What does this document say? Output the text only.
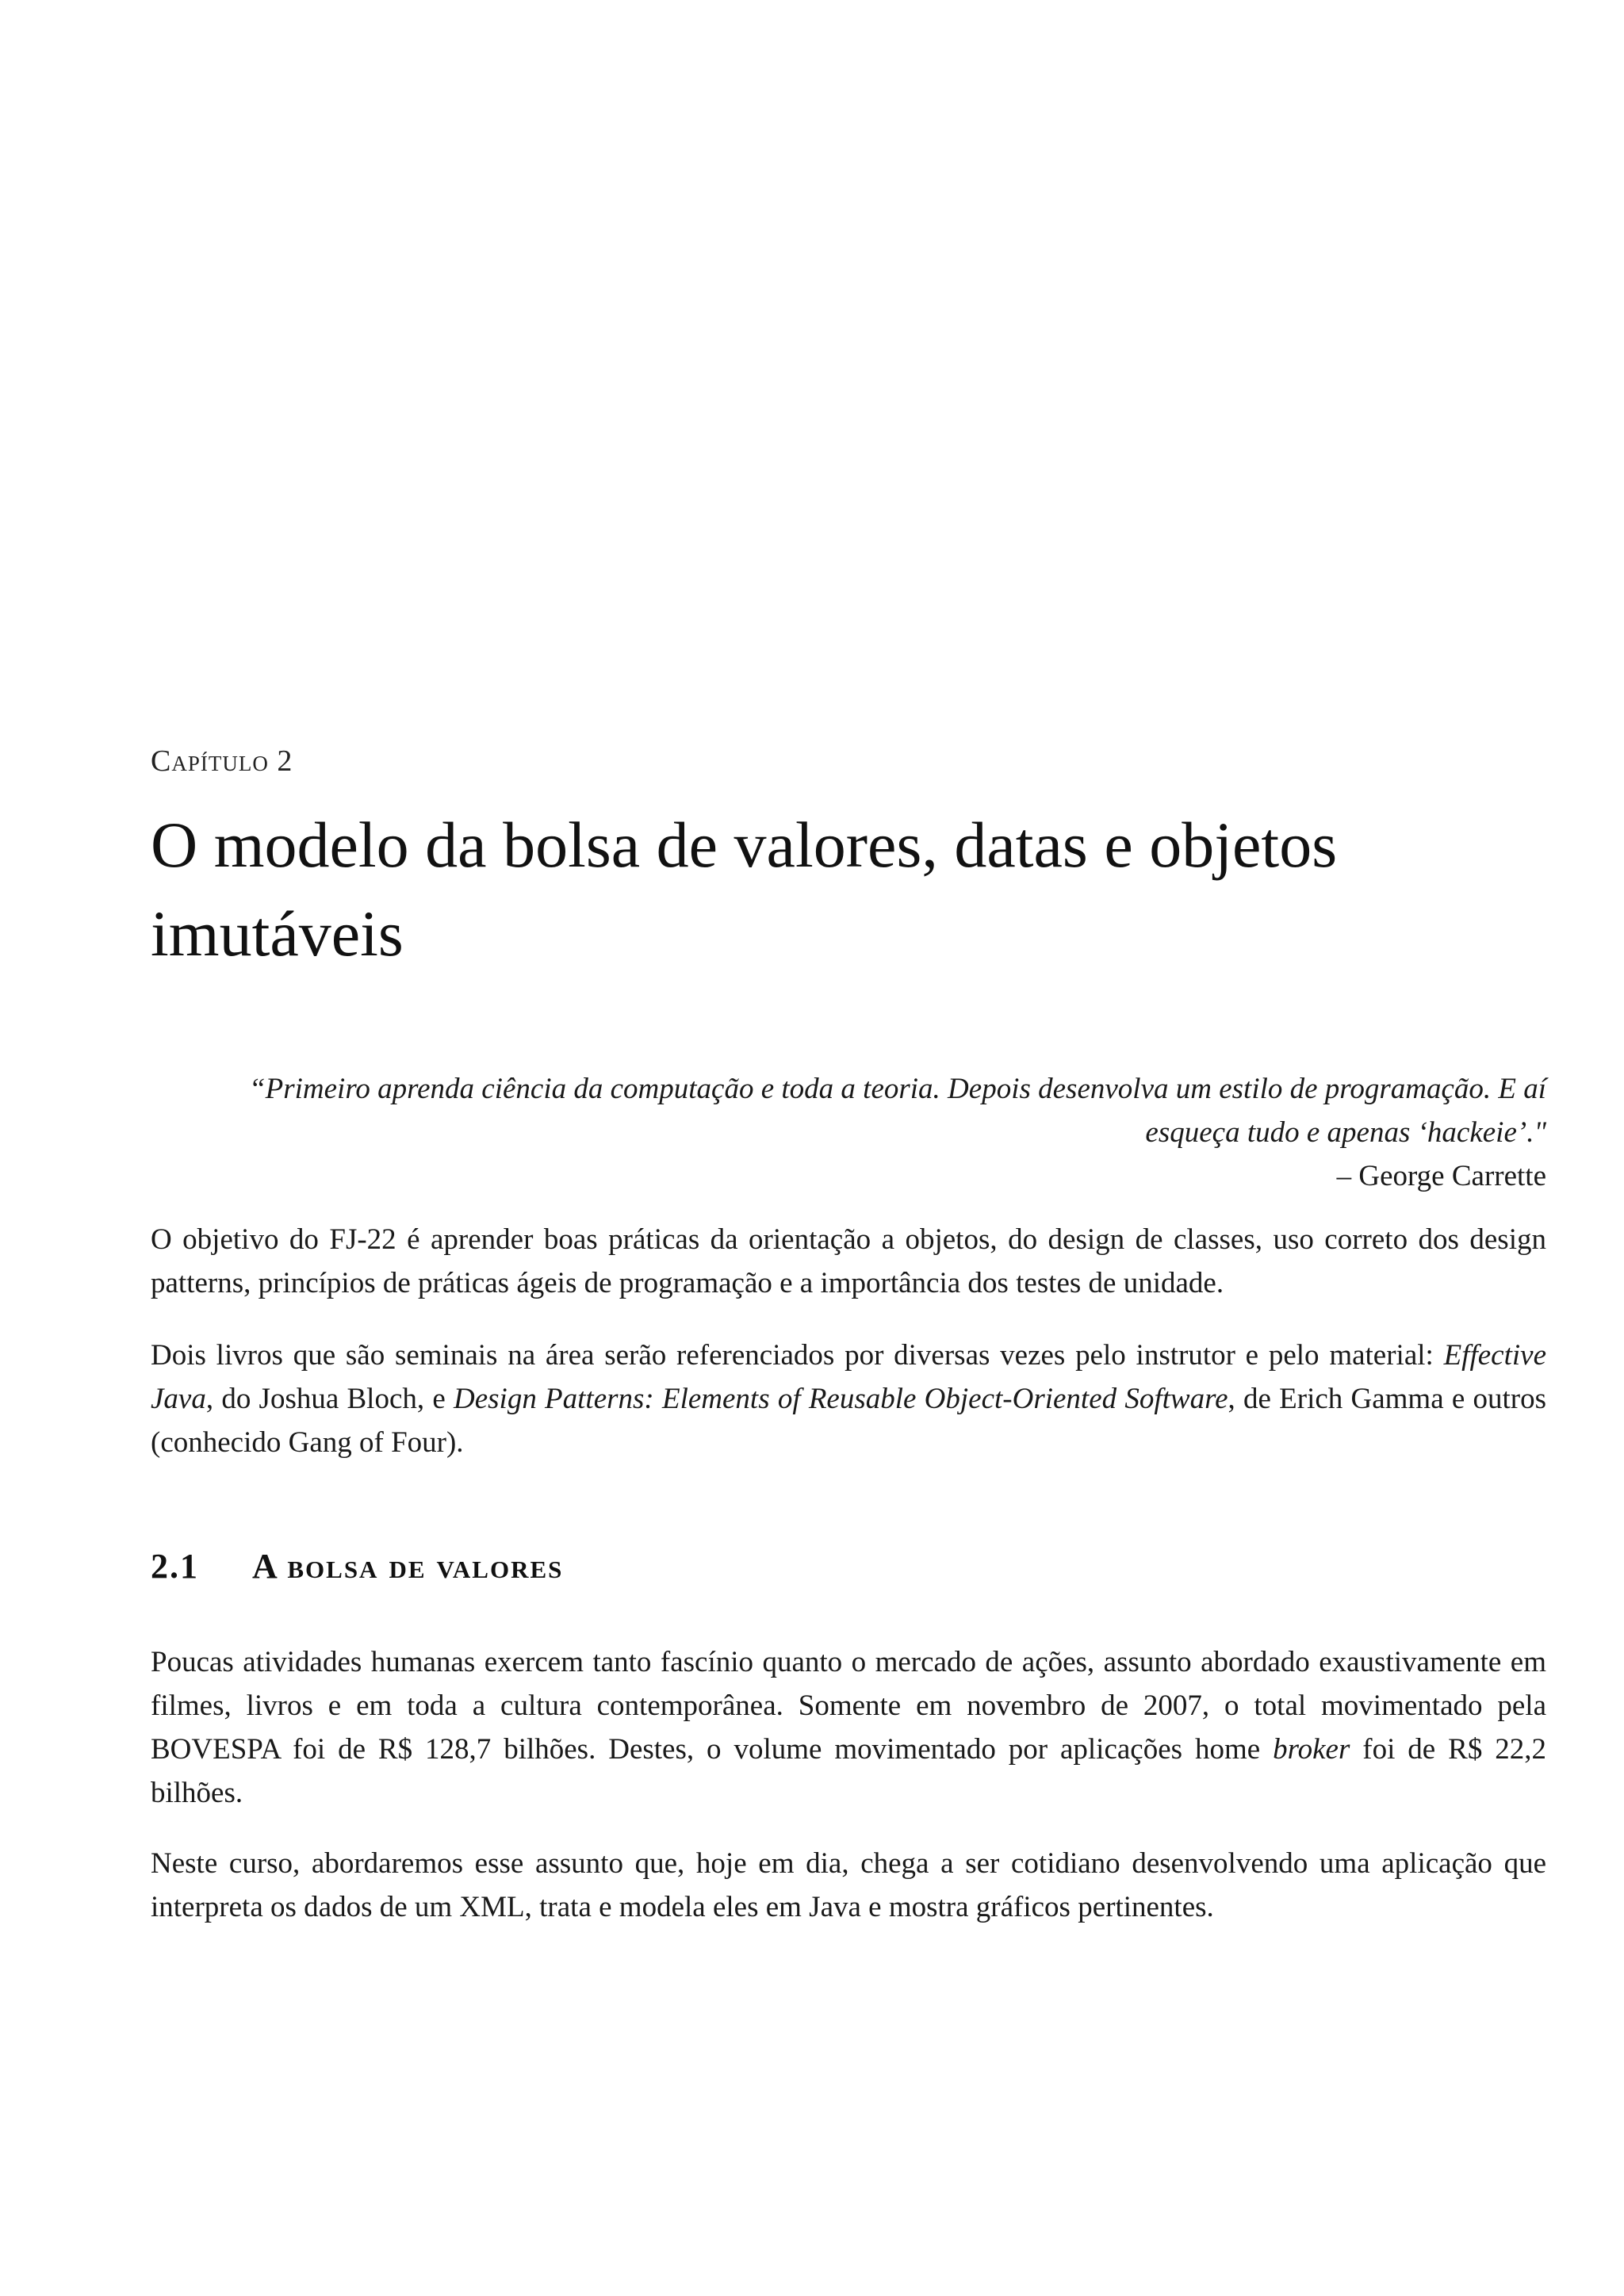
Capítulo 2
O modelo da bolsa de valores, datas e objetos imutáveis
“Primeiro aprenda ciência da computação e toda a teoria. Depois desenvolva um estilo de programação. E aí esqueça tudo e apenas ‘hackeie’."
– George Carrette

O objetivo do FJ-22 é aprender boas práticas da orientação a objetos, do design de classes, uso correto dos design patterns, princípios de práticas ágeis de programação e a importância dos testes de unidade.

Dois livros que são seminais na área serão referenciados por diversas vezes pelo instrutor e pelo material: Effective Java, do Joshua Bloch, e Design Patterns: Elements of Reusable Object-Oriented Software, de Erich Gamma e outros (conhecido Gang of Four).

2.1 A bolsa de valores

Poucas atividades humanas exercem tanto fascínio quanto o mercado de ações, assunto abordado exaustivamente em filmes, livros e em toda a cultura contemporânea. Somente em novembro de 2007, o total movimentado pela BOVESPA foi de R$ 128,7 bilhões. Destes, o volume movimentado por aplicações home broker foi de R$ 22,2 bilhões.

Neste curso, abordaremos esse assunto que, hoje em dia, chega a ser cotidiano desenvolvendo uma aplicação que interpreta os dados de um XML, trata e modela eles em Java e mostra gráficos pertinentes.
